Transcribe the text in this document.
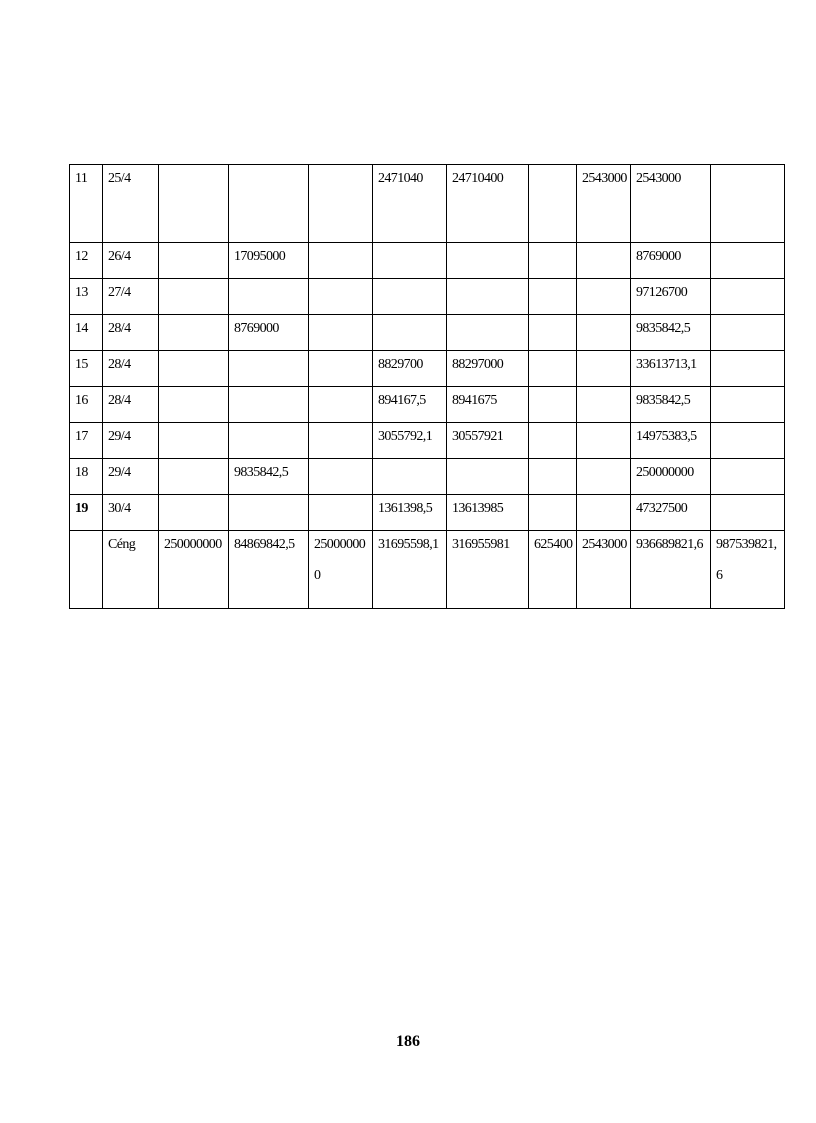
11	25/4				2471040	24710400		2543000	2543000	

12	26/4		17095000						8769000	

13	27/4								97126700	

14	28/4		8769000						9835842,5	

15	28/4				8829700	88297000			33613713,1	

16	28/4				894167,5	8941675			9835842,5	

17	29/4				3055792,1	30557921			14975383,5	

18	29/4		9835842,5						250000000	

19	30/4				1361398,5	13613985			47327500	

	Céng	250000000	84869842,5	250000000	31695598,1	316955981	625400	2543000	936689821,6	987539821,6
186
